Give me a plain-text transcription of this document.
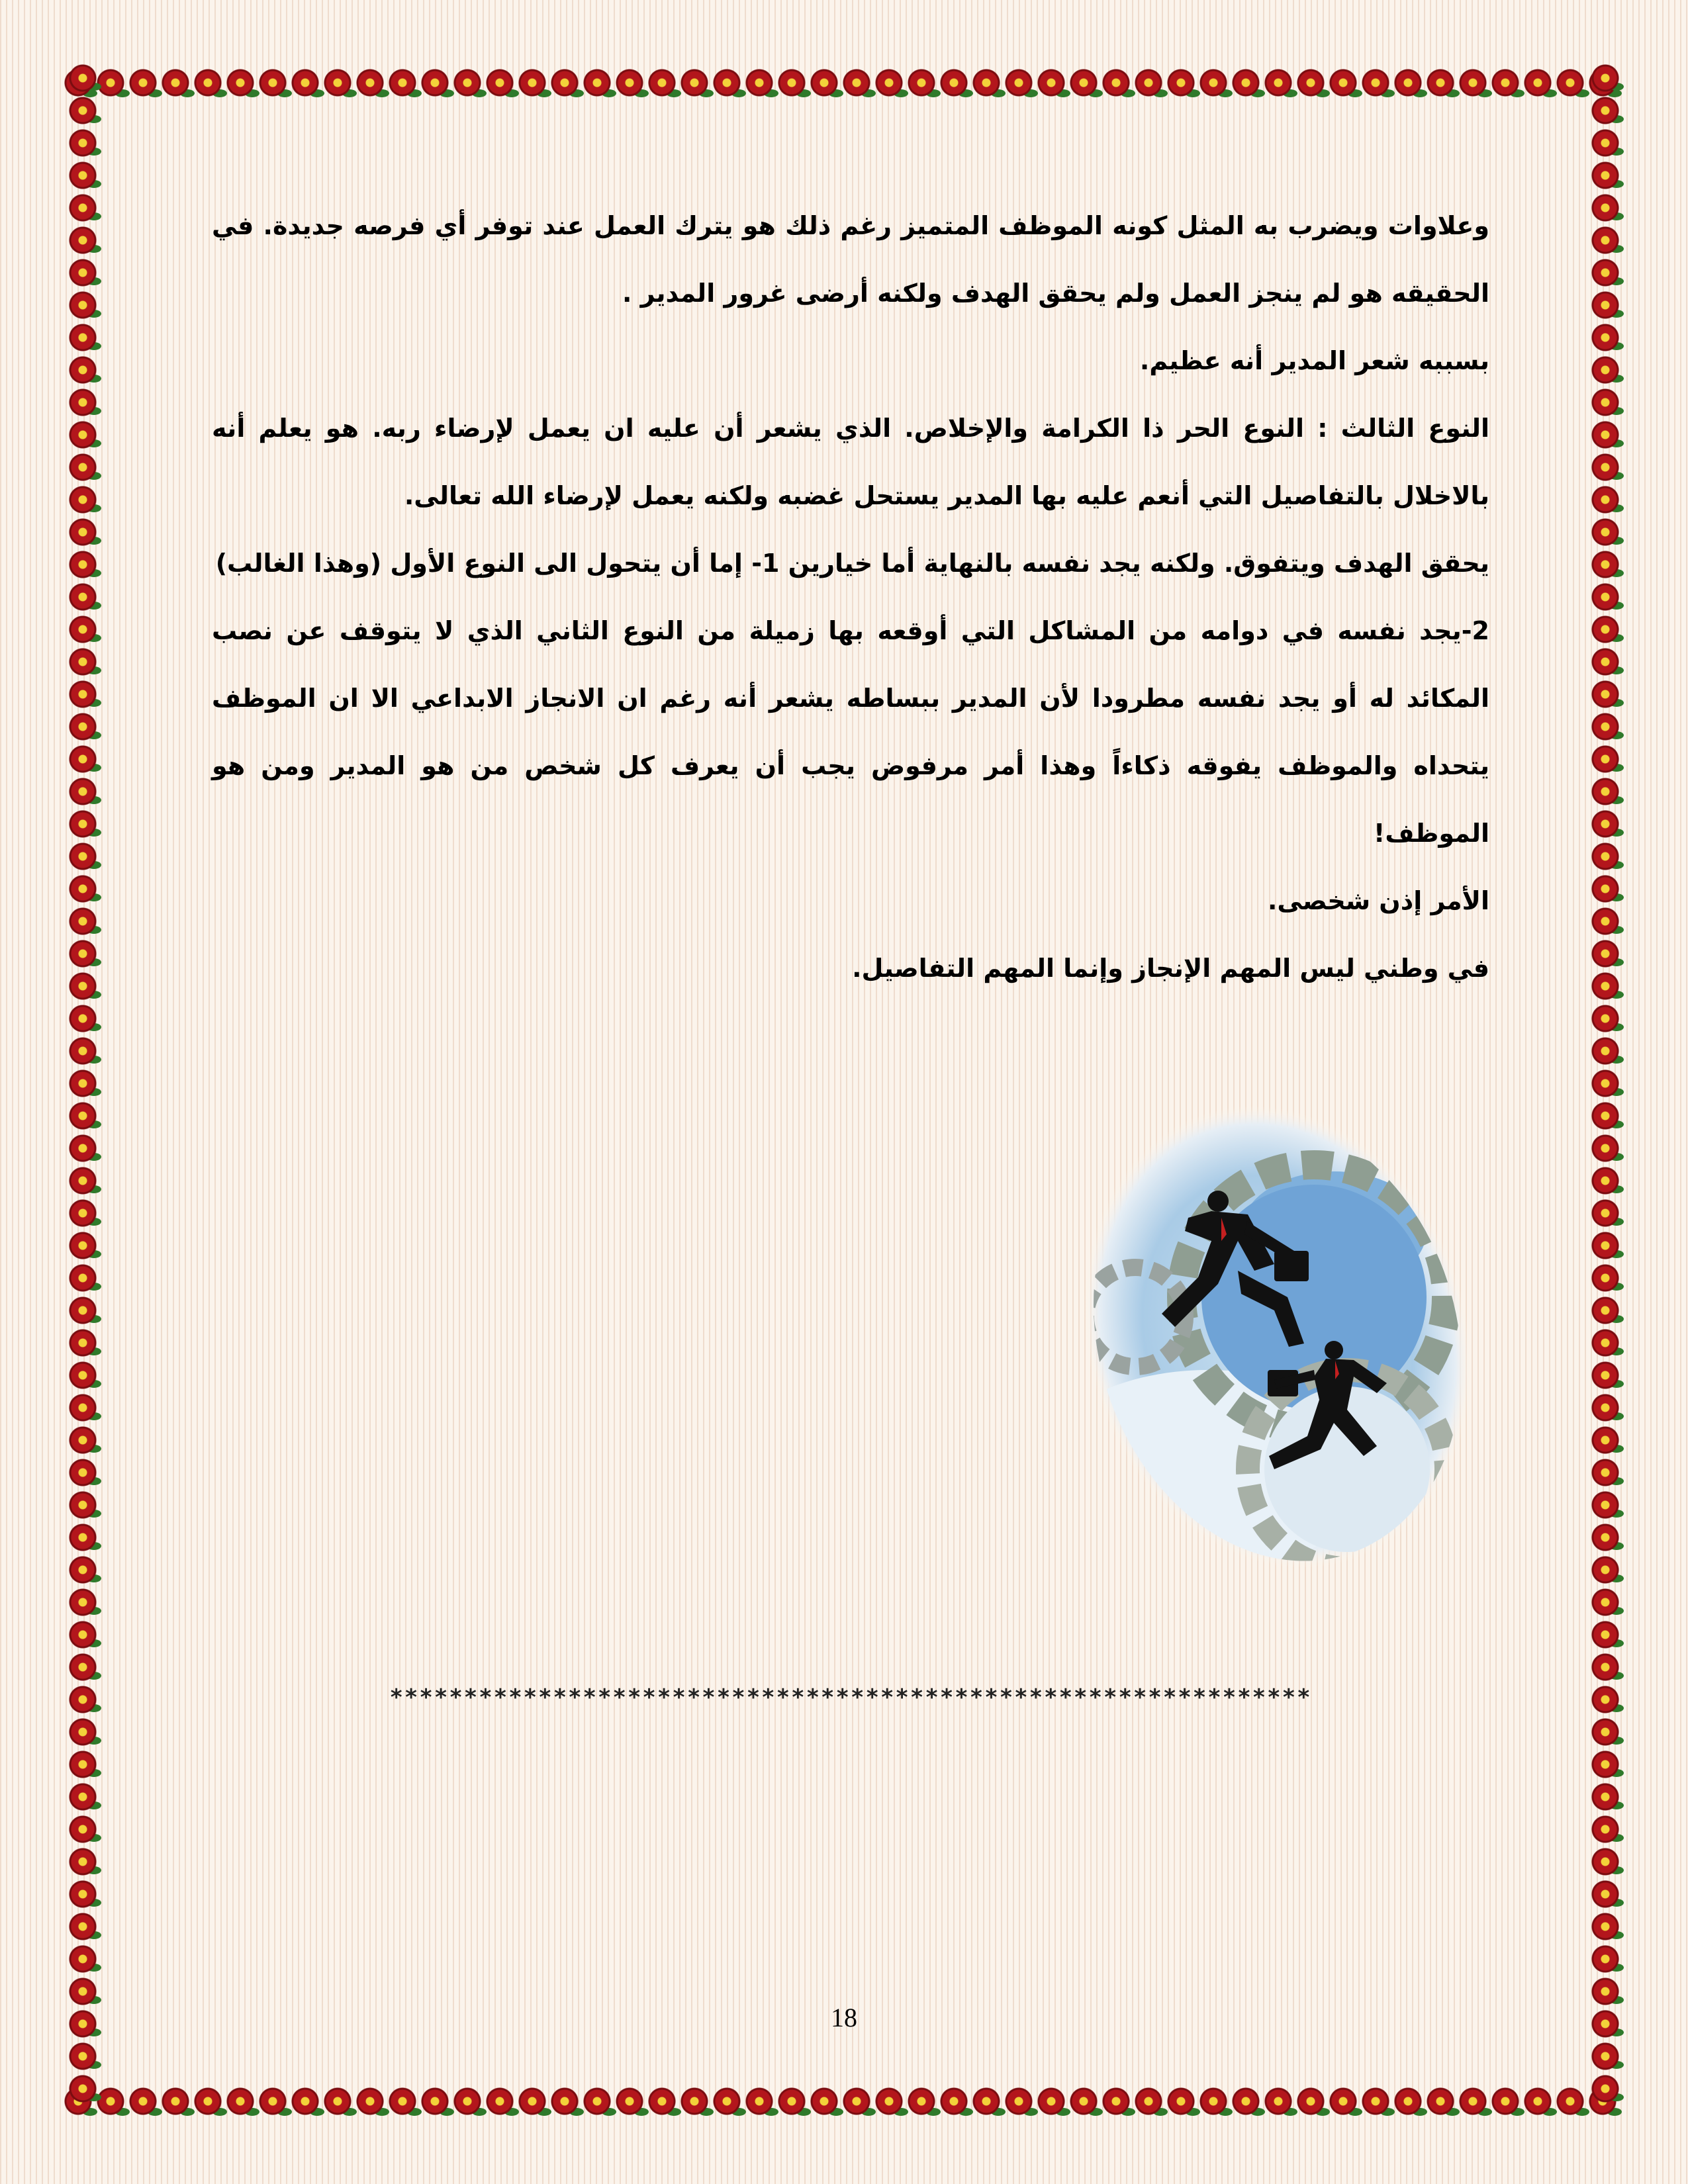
وعلاوات ويضرب به المثل كونه الموظف المتميز رغم ذلك هو يترك العمل عند توفر أي فرصه جديدة. في الحقيقه هو لم ينجز العمل ولم يحقق الهدف ولكنه أرضى غرور المدير .

بسببه شعر المدير أنه عظيم.

النوع الثالث : النوع الحر ذا الكرامة والإخلاص. الذي يشعر أن عليه ان يعمل لإرضاء ربه. هو يعلم أنه بالاخلال بالتفاصيل التي أنعم عليه بها المدير يستحل غضبه ولكنه يعمل لإرضاء الله تعالى.

يحقق الهدف ويتفوق. ولكنه يجد نفسه بالنهاية أما خيارين 1- إما أن يتحول الى النوع الأول (وهذا الغالب)

2-يجد نفسه في دوامه من المشاكل التي أوقعه بها زميلة من النوع الثاني الذي لا يتوقف عن نصب المكائد له أو يجد نفسه مطرودا لأن المدير ببساطه يشعر أنه رغم ان الانجاز الابداعي الا ان الموظف يتحداه والموظف يفوقه ذكاءاً وهذا أمر مرفوض يجب أن يعرف كل شخص من هو المدير ومن هو الموظف!

الأمر إذن شخصى.

في وطني ليس المهم الإنجاز وإنما المهم التفاصيل.

**************************************************************
18
